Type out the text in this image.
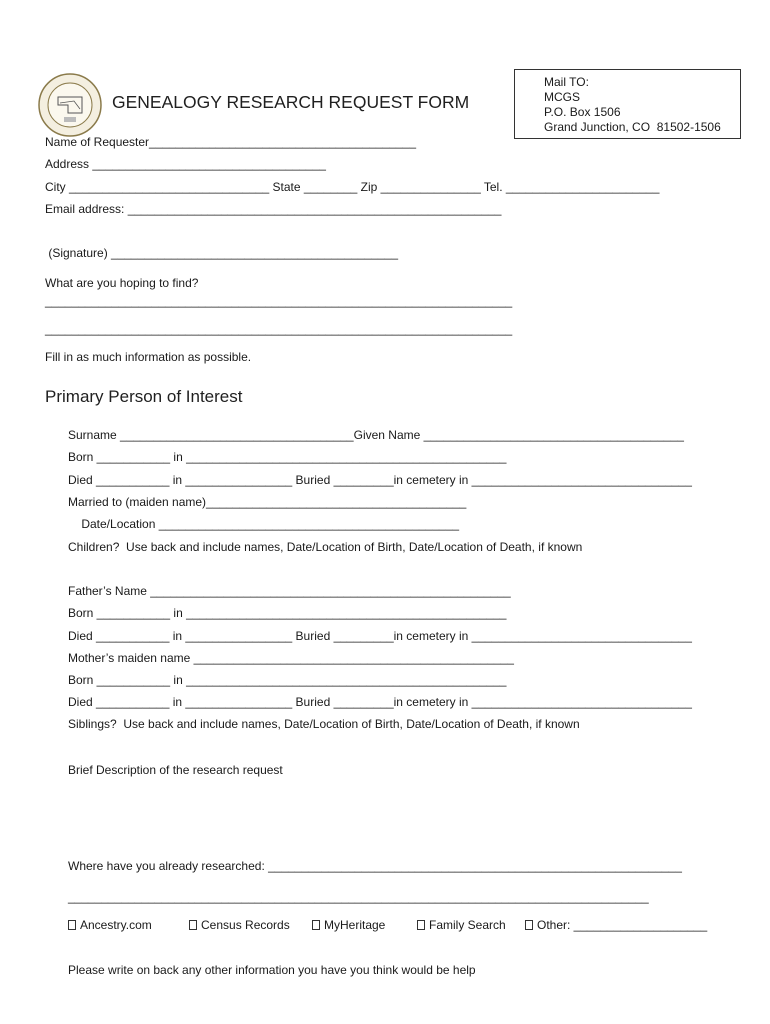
GENEALOGY RESEARCH REQUEST FORM
Mail TO:
MCGS
P.O. Box 1506
Grand Junction, CO  81502-1506
Name of Requester________________________________________
Address ___________________________________
City ______________________________ State ________ Zip _______________ Tel. _______________________
Email address: ________________________________________________________
(Signature) ___________________________________________
What are you hoping to find?
______________________________________________________________________
______________________________________________________________________
Fill in as much information as possible.
Primary Person of Interest
Surname ___________________________________Given Name _______________________________________
Born ___________ in ________________________________________________
Died ___________ in ________________ Buried _________in cemetery in _________________________________
Married to (maiden name)_______________________________________
Date/Location _____________________________________________
Children?  Use back and include names, Date/Location of Birth, Date/Location of Death, if known
Father’s Name ______________________________________________________
Born ___________ in ________________________________________________
Died ___________ in ________________ Buried _________in cemetery in _________________________________
Mother’s maiden name ________________________________________________
Born ___________ in ________________________________________________
Died ___________ in ________________ Buried _________in cemetery in _________________________________
Siblings?  Use back and include names, Date/Location of Birth, Date/Location of Death, if known
Brief Description of the research request
Where have you already researched: ______________________________________________________________
_______________________________________________________________________________________
Ancestry.com	Census Records	MyHeritage	Family Search	Other: ____________________
Please write on back any other information you have you think would be help
